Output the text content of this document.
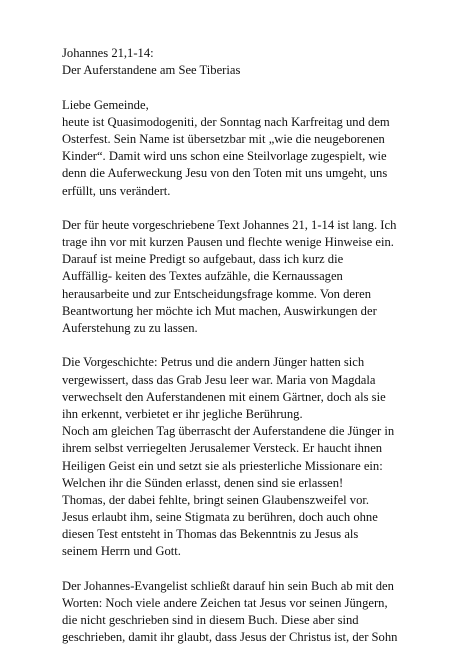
Johannes 21,1-14:
Der Auferstandene am See Tiberias
Liebe Gemeinde,
heute ist Quasimodogeniti, der Sonntag nach Karfreitag und dem
Osterfest. Sein Name ist übersetzbar mit „wie die neugeborenen
Kinder“. Damit wird uns schon eine Steilvorlage zugespielt, wie
denn die Auferweckung Jesu von den Toten mit uns umgeht, uns
erfüllt, uns verändert.
Der für heute vorgeschriebene Text Johannes 21, 1-14 ist lang. Ich
trage ihn vor mit kurzen Pausen und flechte wenige Hinweise ein.
Darauf ist meine Predigt so aufgebaut, dass ich kurz die
Auffällig- keiten des Textes aufzähle, die Kernaussagen
herausarbeite und zur Entscheidungsfrage komme. Von deren
Beantwortung her möchte ich Mut machen, Auswirkungen der
Auferstehung zu zu lassen.
Die Vorgeschichte: Petrus und die andern Jünger hatten sich
vergewissert, dass das Grab Jesu leer war. Maria von Magdala
verwechselt den Auferstandenen mit einem Gärtner, doch als sie
ihn erkennt, verbietet er ihr jegliche Berührung.
Noch am gleichen Tag überrascht der Auferstandene die Jünger in
ihrem selbst verriegelten Jerusalemer Versteck. Er haucht ihnen
Heiligen Geist ein und setzt sie als priesterliche Missionare ein:
Welchen ihr die Sünden erlasst, denen sind sie erlassen!
Thomas, der dabei fehlte, bringt seinen Glaubenszweifel vor.
Jesus erlaubt ihm, seine Stigmata zu berühren, doch auch ohne
diesen Test entsteht in Thomas das Bekenntnis zu Jesus als
seinem Herrn und Gott.
Der Johannes-Evangelist schließt darauf hin sein Buch ab mit den
Worten: Noch viele andere Zeichen tat Jesus vor seinen Jüngern,
die nicht geschrieben sind in diesem Buch. Diese aber sind
geschrieben, damit ihr glaubt, dass Jesus der Christus ist, der Sohn
